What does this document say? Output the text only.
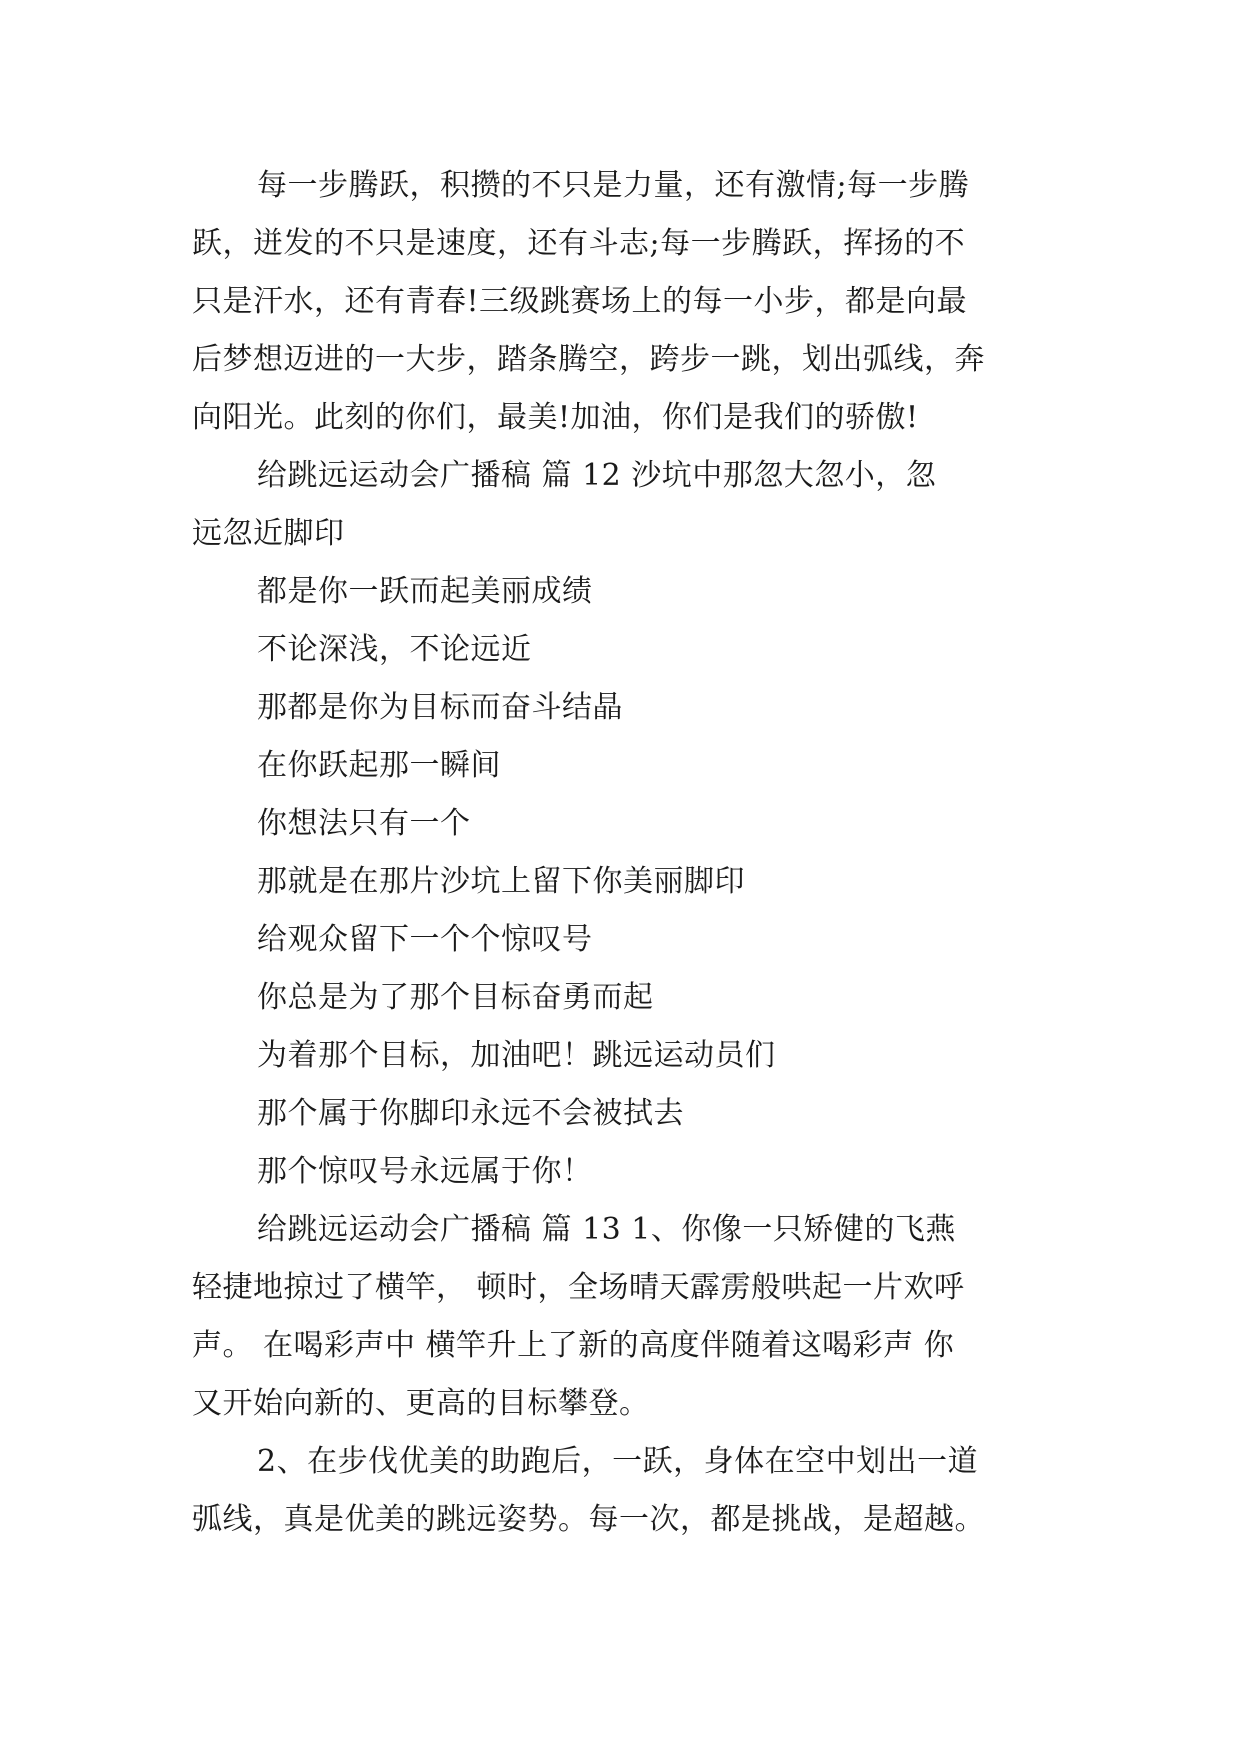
每一步腾跃，积攒的不只是力量，还有激情;每一步腾
跃，迸发的不只是速度，还有斗志;每一步腾跃，挥扬的不
只是汗水，还有青春!三级跳赛场上的每一小步，都是向最
后梦想迈进的一大步，踏条腾空，跨步一跳，划出弧线，奔
向阳光。此刻的你们，最美!加油，你们是我们的骄傲!
给跳远运动会广播稿 篇 12 沙坑中那忽大忽小，忽
远忽近脚印
都是你一跃而起美丽成绩
不论深浅，不论远近
那都是你为目标而奋斗结晶
在你跃起那一瞬间
你想法只有一个
那就是在那片沙坑上留下你美丽脚印
给观众留下一个个惊叹号
你总是为了那个目标奋勇而起
为着那个目标，加油吧！跳远运动员们
那个属于你脚印永远不会被拭去
那个惊叹号永远属于你！
给跳远运动会广播稿 篇 13 1、你像一只矫健的飞燕
轻捷地掠过了横竿， 顿时，全场晴天霹雳般哄起一片欢呼
声。 在喝彩声中 横竿升上了新的高度伴随着这喝彩声 你
又开始向新的、更高的目标攀登。
2、在步伐优美的助跑后，一跃，身体在空中划出一道
弧线，真是优美的跳远姿势。每一次，都是挑战，是超越。
